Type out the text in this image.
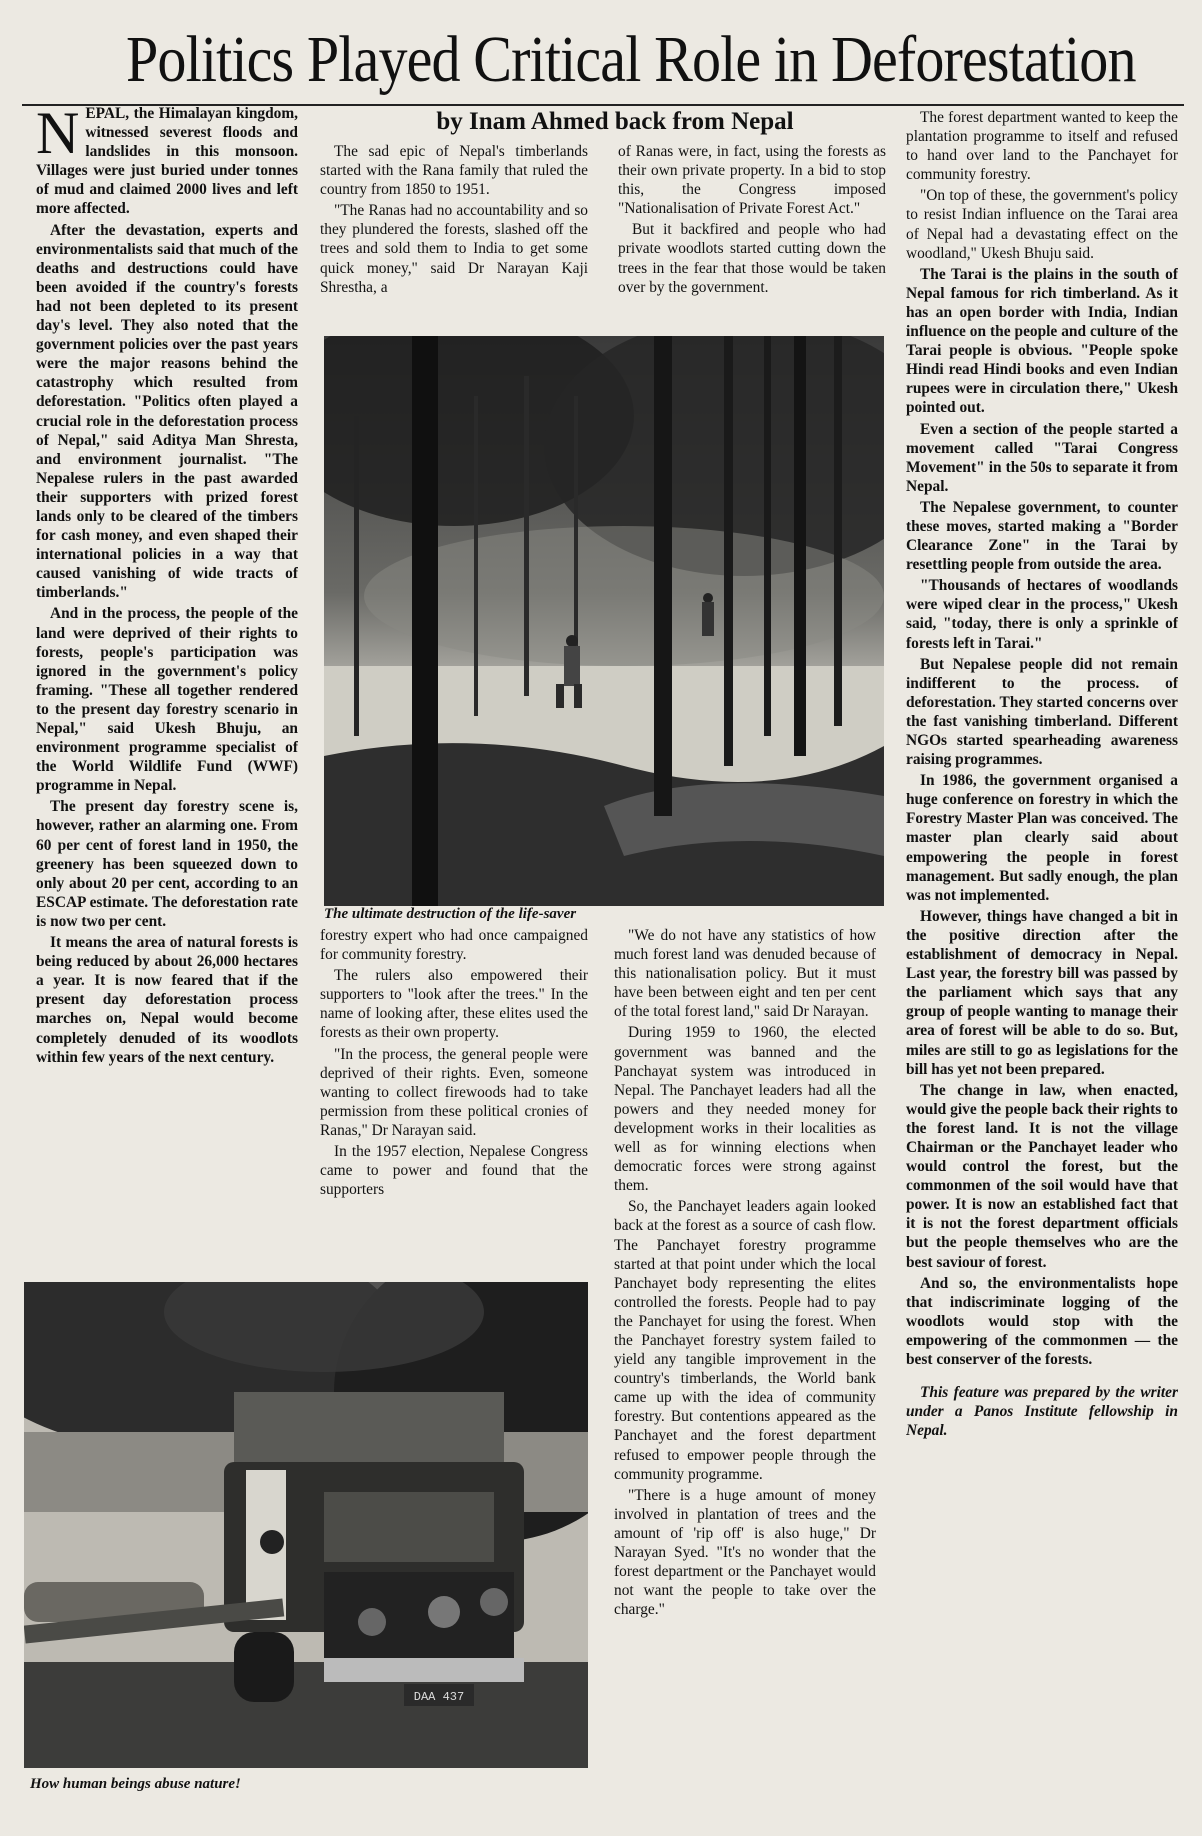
Politics Played Critical Role in Deforestation
by Inam Ahmed back from Nepal

NEPAL, the Himalayan kingdom, witnessed severest floods and landslides in this monsoon. Villages were just buried under tonnes of mud and claimed 2000 lives and left more affected.

After the devastation, experts and environmentalists said that much of the deaths and destructions could have been avoided if the country's forests had not been depleted to its present day's level. They also noted that the government policies over the past years were the major reasons behind the catastrophy which resulted from deforestation. "Politics often played a crucial role in the deforestation process of Nepal," said Aditya Man Shresta, and environment journalist. "The Nepalese rulers in the past awarded their supporters with prized forest lands only to be cleared of the timbers for cash money, and even shaped their international policies in a way that caused vanishing of wide tracts of timberlands."

And in the process, the people of the land were deprived of their rights to forests, people's participation was ignored in the government's policy framing. "These all together rendered to the present day forestry scenario in Nepal," said Ukesh Bhuju, an environment programme specialist of the World Wildlife Fund (WWF) programme in Nepal.

The present day forestry scene is, however, rather an alarming one. From 60 per cent of forest land in 1950, the greenery has been squeezed down to only about 20 per cent, according to an ESCAP estimate. The deforestation rate is now two per cent.

It means the area of natural forests is being reduced by about 26,000 hectares a year. It is now feared that if the present day deforestation process marches on, Nepal would become completely denuded of its woodlots within few years of the next century.

The sad epic of Nepal's timberlands started with the Rana family that ruled the country from 1850 to 1951.

"The Ranas had no accountability and so they plundered the forests, slashed off the trees and sold them to India to get some quick money," said Dr Narayan Kaji Shrestha, a

of Ranas were, in fact, using the forests as their own private property. In a bid to stop this, the Congress imposed "Nationalisation of Private Forest Act."

But it backfired and people who had private woodlots started cutting down the trees in the fear that those would be taken over by the government.

The ultimate destruction of the life-saver

forestry expert who had once campaigned for community forestry.

The rulers also empowered their supporters to "look after the trees." In the name of looking after, these elites used the forests as their own property.

"In the process, the general people were deprived of their rights. Even, someone wanting to collect firewoods had to take permission from these political cronies of Ranas," Dr Narayan said.

In the 1957 election, Nepalese Congress came to power and found that the supporters

"We do not have any statistics of how much forest land was denuded because of this nationalisation policy. But it must have been between eight and ten per cent of the total forest land," said Dr Narayan.

During 1959 to 1960, the elected government was banned and the Panchayat system was introduced in Nepal. The Panchayet leaders had all the powers and they needed money for development works in their localities as well as for winning elections when democratic forces were strong against them.

So, the Panchayet leaders again looked back at the forest as a source of cash flow. The Panchayet forestry programme started at that point under which the local Panchayet body representing the elites controlled the forests. People had to pay the Panchayet for using the forest. When the Panchayet forestry system failed to yield any tangible improvement in the country's timberlands, the World bank came up with the idea of community forestry. But contentions appeared as the Panchayet and the forest department refused to empower people through the community programme.

"There is a huge amount of money involved in plantation of trees and the amount of 'rip off' is also huge," Dr Narayan Syed. "It's no wonder that the forest department or the Panchayet would not want the people to take over the charge."

The forest department wanted to keep the plantation programme to itself and refused to hand over land to the Panchayet for community forestry.

"On top of these, the government's policy to resist Indian influence on the Tarai area of Nepal had a devastating effect on the woodland," Ukesh Bhuju said.

The Tarai is the plains in the south of Nepal famous for rich timberland. As it has an open border with India, Indian influence on the people and culture of the Tarai people is obvious. "People spoke Hindi read Hindi books and even Indian rupees were in circulation there," Ukesh pointed out.

Even a section of the people started a movement called "Tarai Congress Movement" in the 50s to separate it from Nepal.

The Nepalese government, to counter these moves, started making a "Border Clearance Zone" in the Tarai by resettling people from outside the area.

"Thousands of hectares of woodlands were wiped clear in the process," Ukesh said, "today, there is only a sprinkle of forests left in Tarai."

But Nepalese people did not remain indifferent to the process. of deforestation. They started concerns over the fast vanishing timberland. Different NGOs started spearheading awareness raising programmes.

In 1986, the government organised a huge conference on forestry in which the Forestry Master Plan was conceived. The master plan clearly said about empowering the people in forest management. But sadly enough, the plan was not implemented.

However, things have changed a bit in the positive direction after the establishment of democracy in Nepal. Last year, the forestry bill was passed by the parliament which says that any group of people wanting to manage their area of forest will be able to do so. But, miles are still to go as legislations for the bill has yet not been prepared.

The change in law, when enacted, would give the people back their rights to the forest land. It is not the village Chairman or the Panchayet leader who would control the forest, but the commonmen of the soil would have that power. It is now an established fact that it is not the forest department officials but the people themselves who are the best saviour of forest.

And so, the environmentalists hope that indiscriminate logging of the woodlots would stop with the empowering of the commonmen — the best conserver of the forests.

This feature was prepared by the writer under a Panos Institute fellowship in Nepal.

DAA 437
How human beings abuse nature!
